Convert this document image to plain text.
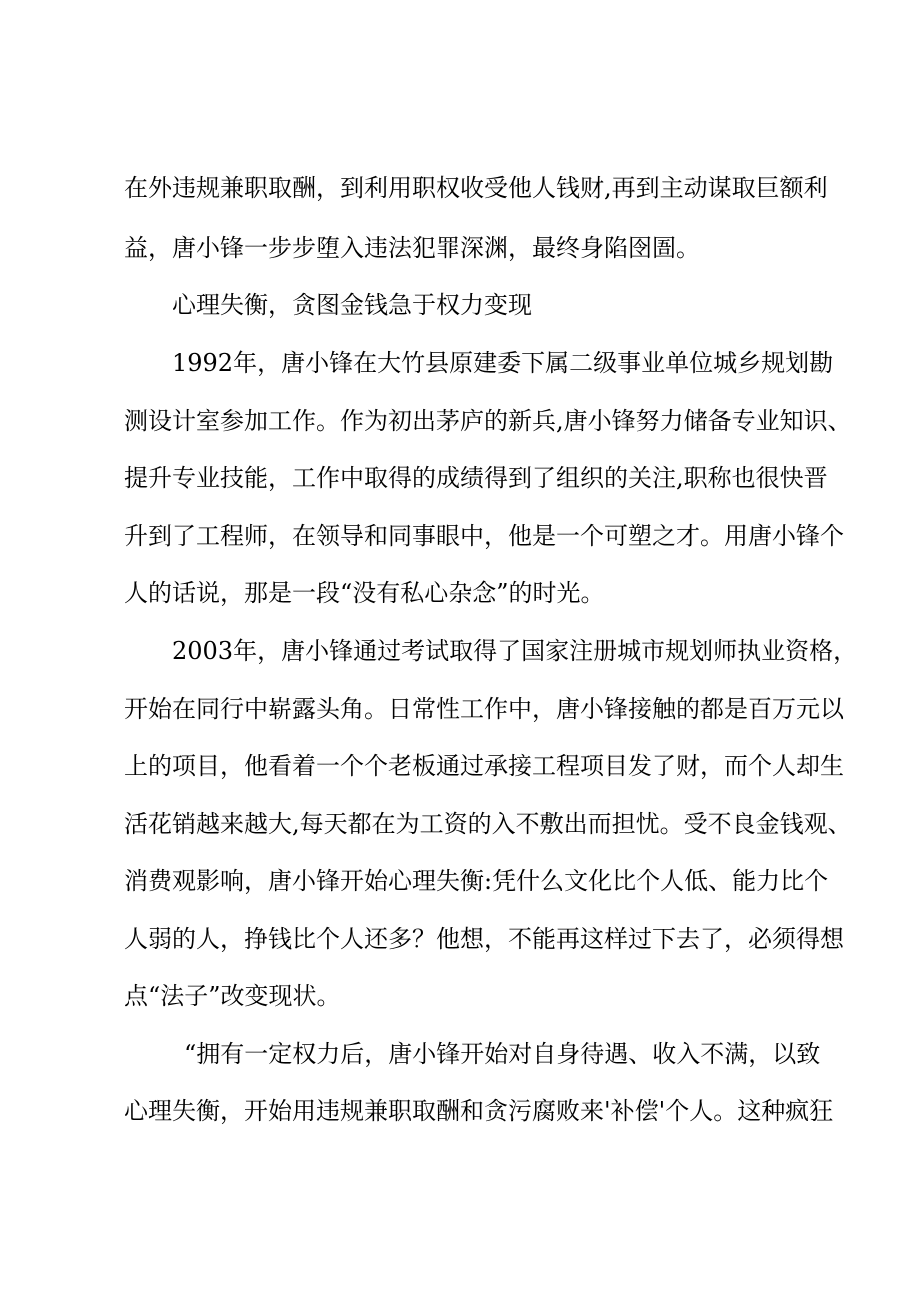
在外违规兼职取酬，到利用职权收受他人钱财,再到主动谋取巨额利
益，唐小锋一步步堕入违法犯罪深渊，最终身陷囹圄。
心理失衡，贪图金钱急于权力变现
1992年，唐小锋在大竹县原建委下属二级事业单位城乡规划勘
测设计室参加工作。作为初出茅庐的新兵,唐小锋努力储备专业知识、
提升专业技能，工作中取得的成绩得到了组织的关注,职称也很快晋
升到了工程师，在领导和同事眼中，他是一个可塑之才。用唐小锋个
人的话说，那是一段“没有私心杂念”的时光。
2003年，唐小锋通过考试取得了国家注册城市规划师执业资格，
开始在同行中崭露头角。日常性工作中，唐小锋接触的都是百万元以
上的项目，他看着一个个老板通过承接工程项目发了财，而个人却生
活花销越来越大,每天都在为工资的入不敷出而担忧。受不良金钱观、
消费观影响，唐小锋开始心理失衡:凭什么文化比个人低、能力比个
人弱的人，挣钱比个人还多？他想，不能再这样过下去了，必须得想
点“法子”改变现状。
“拥有一定权力后，唐小锋开始对自身待遇、收入不满，以致
心理失衡，开始用违规兼职取酬和贪污腐败来'补偿'个人。这种疯狂
